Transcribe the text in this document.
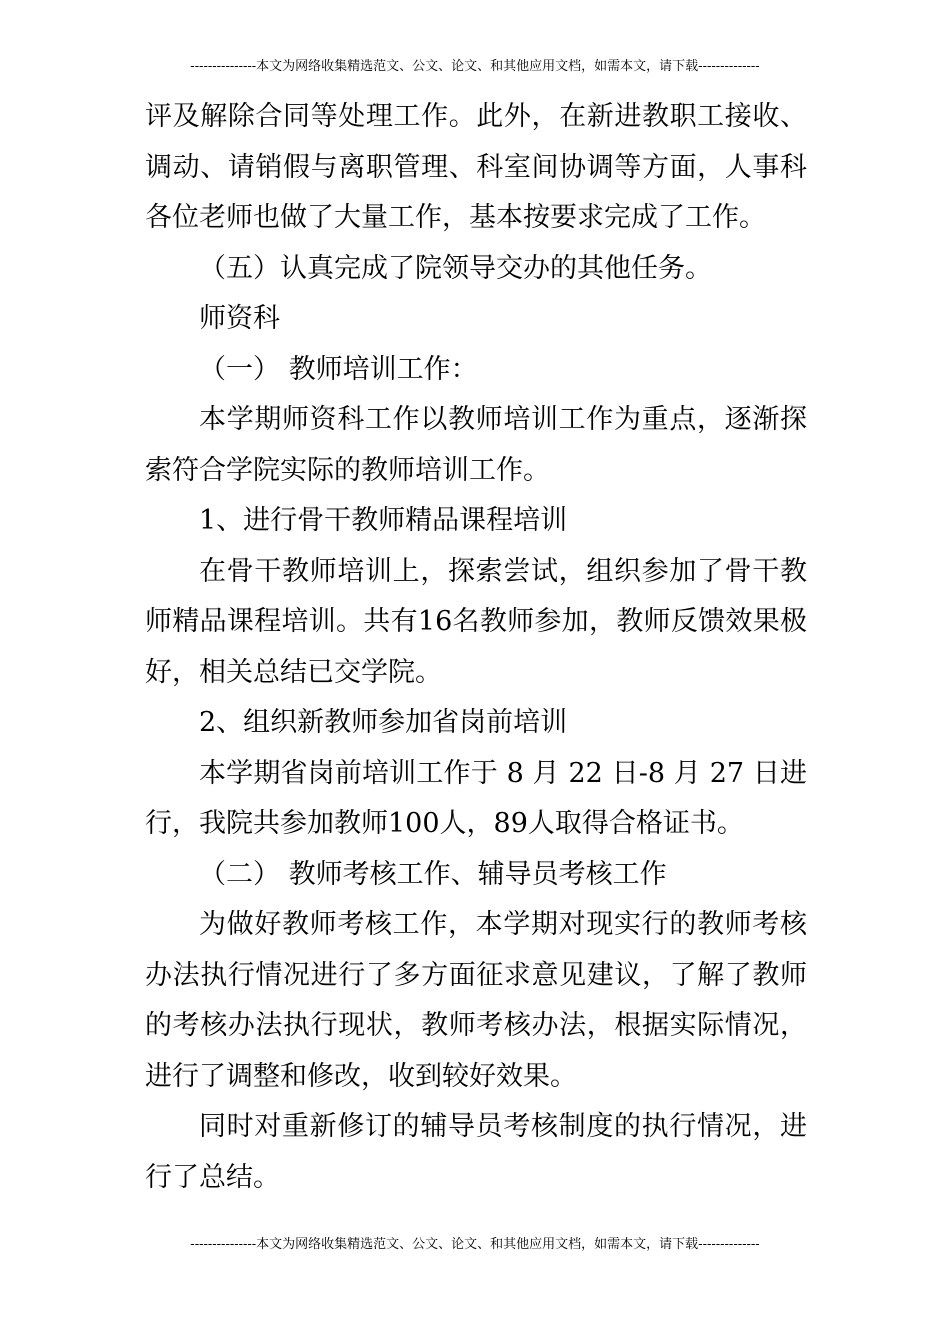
---------------本文为网络收集精选范文、公文、论文、和其他应用文档，如需本文，请下载--------------

评及解除合同等处理工作。此外，在新进教职工接收、调动、请销假与离职管理、科室间协调等方面，人事科各位老师也做了大量工作，基本按要求完成了工作。

（五）认真完成了院领导交办的其他任务。

师资科

（一） 教师培训工作：

本学期师资科工作以教师培训工作为重点，逐渐探索符合学院实际的教师培训工作。

1、进行骨干教师精品课程培训

在骨干教师培训上，探索尝试，组织参加了骨干教师精品课程培训。共有16名教师参加，教师反馈效果极好，相关总结已交学院。

2、组织新教师参加省岗前培训

本学期省岗前培训工作于 8 月 22 日-8 月 27 日进行，我院共参加教师100人，89人取得合格证书。

（二） 教师考核工作、辅导员考核工作

为做好教师考核工作，本学期对现实行的教师考核办法执行情况进行了多方面征求意见建议，了解了教师的考核办法执行现状，教师考核办法，根据实际情况，进行了调整和修改，收到较好效果。

同时对重新修订的辅导员考核制度的执行情况，进行了总结。

---------------本文为网络收集精选范文、公文、论文、和其他应用文档，如需本文，请下载--------------
